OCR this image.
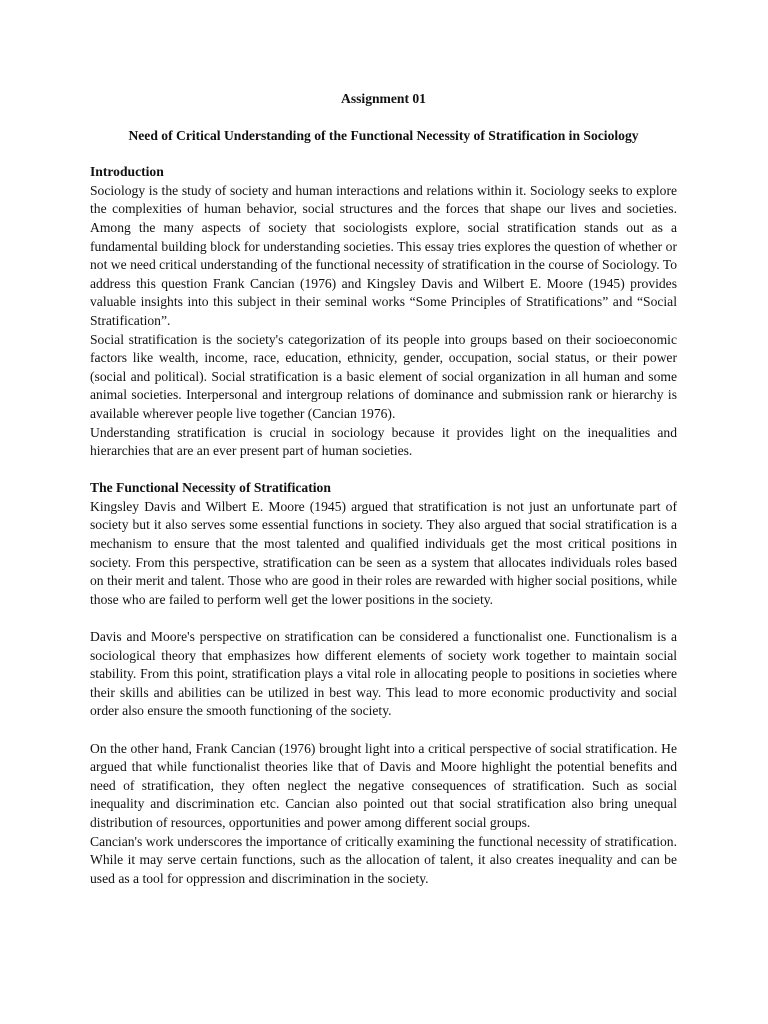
Assignment 01
Need of Critical Understanding of the Functional Necessity of Stratification in Sociology
Introduction

Sociology is the study of society and human interactions and relations within it. Sociology seeks to explore the complexities of human behavior, social structures and the forces that shape our lives and societies. Among the many aspects of society that sociologists explore, social stratification stands out as a fundamental building block for understanding societies. This essay tries explores the question of whether or not we need critical understanding of the functional necessity of stratification in the course of Sociology. To address this question Frank Cancian (1976) and Kingsley Davis and Wilbert E. Moore (1945) provides valuable insights into this subject in their seminal works “Some Principles of Stratifications” and “Social Stratification”.

Social stratification is the society's categorization of its people into groups based on their socioeconomic factors like wealth, income, race, education, ethnicity, gender, occupation, social status, or their power (social and political). Social stratification is a basic element of social organization in all human and some animal societies. Interpersonal and intergroup relations of dominance and submission rank or hierarchy is available wherever people live together (Cancian 1976).

Understanding stratification is crucial in sociology because it provides light on the inequalities and hierarchies that are an ever present part of human societies.

The Functional Necessity of Stratification

Kingsley Davis and Wilbert E. Moore (1945) argued that stratification is not just an unfortunate part of society but it also serves some essential functions in society. They also argued that social stratification is a mechanism to ensure that the most talented and qualified individuals get the most critical positions in society. From this perspective, stratification can be seen as a system that allocates individuals roles based on their merit and talent. Those who are good in their roles are rewarded with higher social positions, while those who are failed to perform well get the lower positions in the society.

Davis and Moore's perspective on stratification can be considered a functionalist one. Functionalism is a sociological theory that emphasizes how different elements of society work together to maintain social stability. From this point, stratification plays a vital role in allocating people to positions in societies where their skills and abilities can be utilized in best way. This lead to more economic productivity and social order also ensure the smooth functioning of the society.

On the other hand, Frank Cancian (1976) brought light into a critical perspective of social stratification. He argued that while functionalist theories like that of Davis and Moore highlight the potential benefits and need of stratification, they often neglect the negative consequences of stratification. Such as social inequality and discrimination etc. Cancian also pointed out that social stratification also bring unequal distribution of resources, opportunities and power among different social groups.

Cancian's work underscores the importance of critically examining the functional necessity of stratification. While it may serve certain functions, such as the allocation of talent, it also creates inequality and can be used as a tool for oppression and discrimination in the society.
